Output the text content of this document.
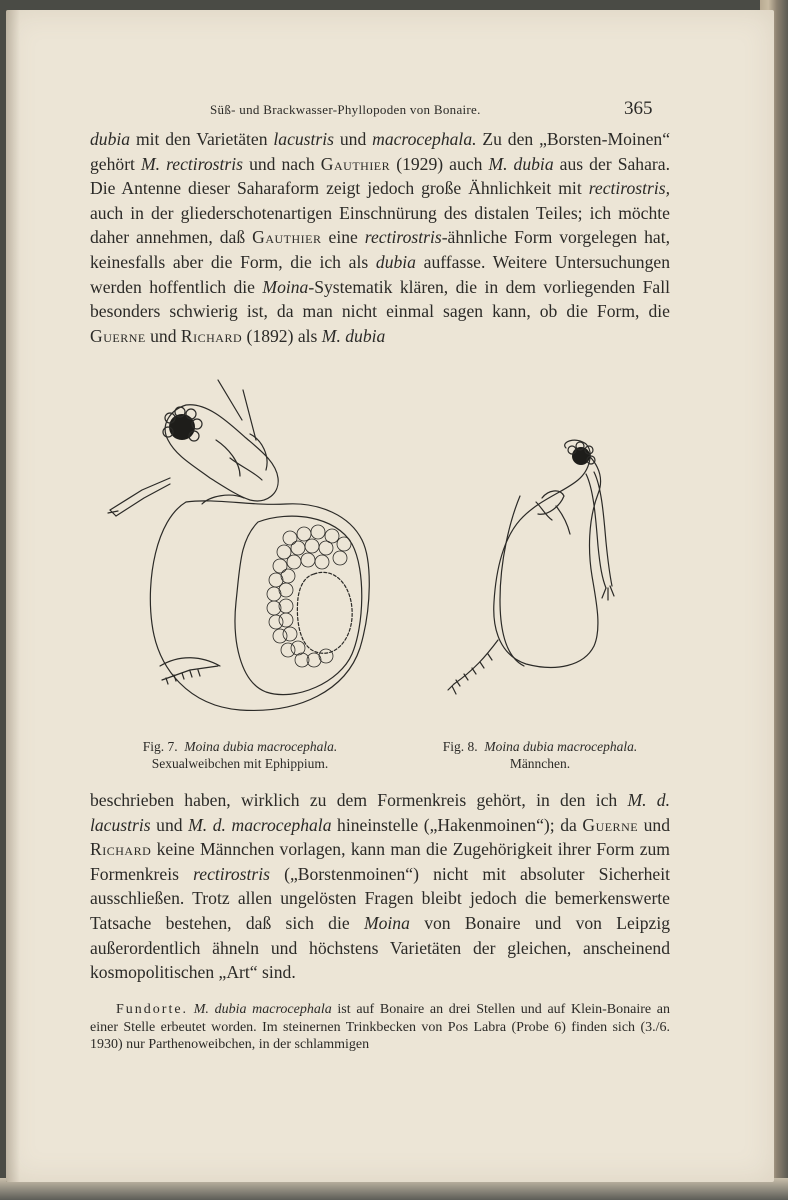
Süß- und Brackwasser-Phyllopoden von Bonaire.	365

dubia mit den Varietäten lacustris und macrocephala. Zu den „Borsten-Moinen“ gehört M. rectirostris und nach Gauthier (1929) auch M. dubia aus der Sahara. Die Antenne dieser Saharaform zeigt jedoch große Ähnlichkeit mit rectirostris, auch in der gliederschotenartigen Einschnürung des distalen Teiles; ich möchte daher annehmen, daß Gauthier eine rectirostris-ähnliche Form vorgelegen hat, keinesfalls aber die Form, die ich als dubia auffasse. Weitere Untersuchungen werden hoffentlich die Moina-Systematik klären, die in dem vorliegenden Fall besonders schwierig ist, da man nicht einmal sagen kann, ob die Form, die Guerne und Richard (1892) als M. dubia

Fig. 7. Moina dubia macrocephala.
Sexualweibchen mit Ephippium.
Fig. 8. Moina dubia macrocephala.
Männchen.

beschrieben haben, wirklich zu dem Formenkreis gehört, in den ich M. d. lacustris und M. d. macrocephala hineinstelle („Hakenmoinen“); da Guerne und Richard keine Männchen vorlagen, kann man die Zugehörigkeit ihrer Form zum Formenkreis rectirostris („Borstenmoinen“) nicht mit absoluter Sicherheit ausschließen. Trotz allen ungelösten Fragen bleibt jedoch die bemerkenswerte Tatsache bestehen, daß sich die Moina von Bonaire und von Leipzig außerordentlich ähneln und höchstens Varietäten der gleichen, anscheinend kosmopolitischen „Art“ sind.

Fundorte. M. dubia macrocephala ist auf Bonaire an drei Stellen und auf Klein-Bonaire an einer Stelle erbeutet worden. Im steinernen Trinkbecken von Pos Labra (Probe 6) finden sich (3./6. 1930) nur Parthenoweibchen, in der schlammigen
